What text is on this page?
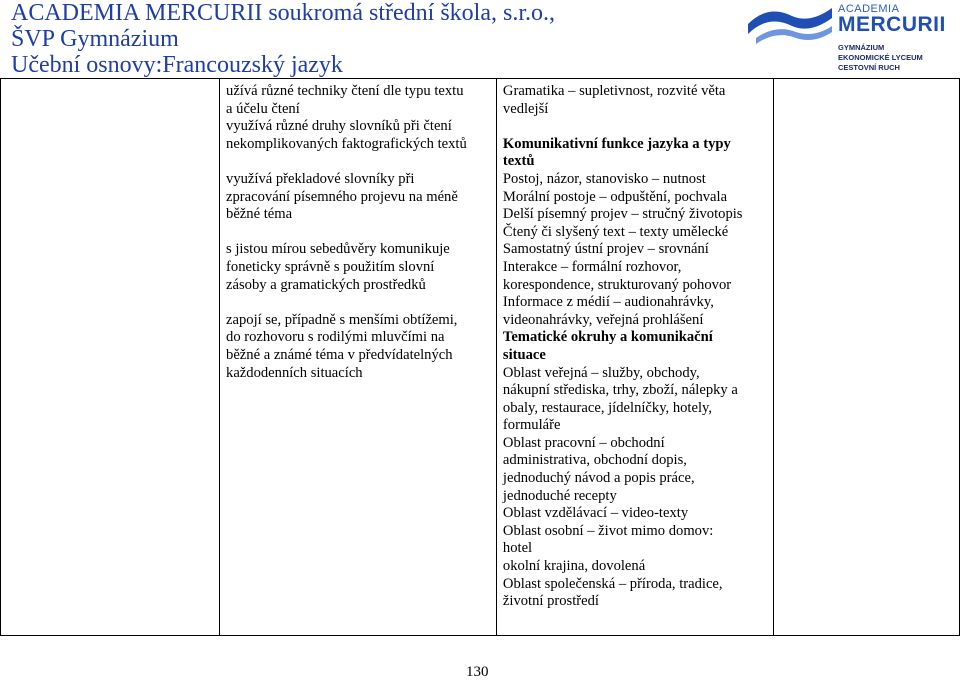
ACADEMIA MERCURII soukromá střední škola, s.r.o.,
ŠVP Gymnázium
Učební osnovy:Francouzský jazyk
ACADEMIA
MERCURII
GYMNÁZIUM
EKONOMICKÉ LYCEUM
CESTOVNÍ RUCH

užívá různé techniky čtení dle typu textu
a účelu čtení
využívá různé druhy slovníků při čtení
nekomplikovaných faktografických textů
využívá překladové slovníky při
zpracování písemného projevu na méně
běžné téma
s jistou mírou sebedůvěry komunikuje
foneticky správně s použitím slovní
zásoby a gramatických prostředků
zapojí se, případně s menšími obtížemi,
do rozhovoru s rodilými mluvčími na
běžné a známé téma v předvídatelných
každodenních situacích

Gramatika – supletivnost, rozvité věta
vedlejší
Komunikativní funkce jazyka a typy
textů
Postoj, názor, stanovisko – nutnost
Morální postoje – odpuštění, pochvala
Delší písemný projev – stručný životopis
Čtený či slyšený text – texty umělecké
Samostatný ústní projev – srovnání
Interakce – formální rozhovor,
korespondence, strukturovaný pohovor
Informace z médií – audionahrávky,
videonahrávky, veřejná prohlášení
Tematické okruhy a komunikační
situace
Oblast veřejná – služby, obchody,
nákupní střediska, trhy, zboží, nálepky a
obaly, restaurace, jídelníčky, hotely,
formuláře
Oblast pracovní – obchodní
administrativa, obchodní dopis,
jednoduchý návod a popis práce,
jednoduché recepty
Oblast vzdělávací – video-texty
Oblast osobní – život mimo domov:
hotel
okolní krajina, dovolená
Oblast společenská – příroda, tradice,
životní prostředí

130
